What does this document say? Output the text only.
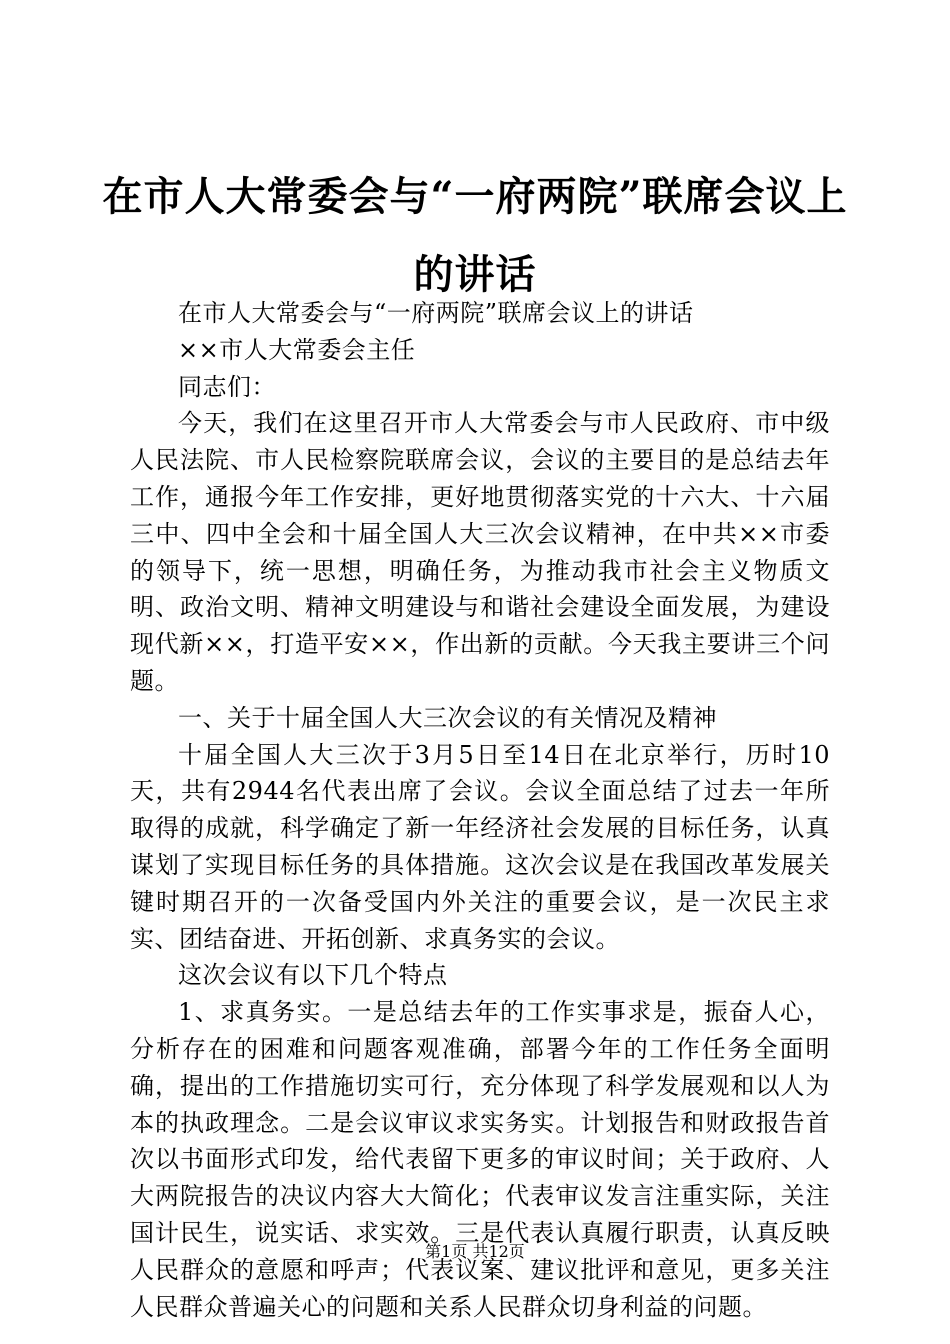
在市人大常委会与“一府两院”联席会议上的讲话

在市人大常委会与“一府两院”联席会议上的讲话

××市人大常委会主任

同志们：

今天，我们在这里召开市人大常委会与市人民政府、市中级人民法院、市人民检察院联席会议，会议的主要目的是总结去年工作，通报今年工作安排，更好地贯彻落实党的十六大、十六届三中、四中全会和十届全国人大三次会议精神，在中共××市委的领导下，统一思想，明确任务，为推动我市社会主义物质文明、政治文明、精神文明建设与和谐社会建设全面发展，为建设现代新××，打造平安××，作出新的贡献。今天我主要讲三个问题。

一、关于十届全国人大三次会议的有关情况及精神

十届全国人大三次于3月5日至14日在北京举行，历时10天，共有2944名代表出席了会议。会议全面总结了过去一年所取得的成就，科学确定了新一年经济社会发展的目标任务，认真谋划了实现目标任务的具体措施。这次会议是在我国改革发展关键时期召开的一次备受国内外关注的重要会议，是一次民主求实、团结奋进、开拓创新、求真务实的会议。

这次会议有以下几个特点

1、求真务实。一是总结去年的工作实事求是，振奋人心，分析存在的困难和问题客观准确，部署今年的工作任务全面明确，提出的工作措施切实可行，充分体现了科学发展观和以人为本的执政理念。二是会议审议求实务实。计划报告和财政报告首次以书面形式印发，给代表留下更多的审议时间；关于政府、人大两院报告的决议内容大大简化；代表审议发言注重实际，关注国计民生，说实话、求实效。三是代表认真履行职责，认真反映人民群众的意愿和呼声；代表议案、建议批评和意见，更多关注人民群众普遍关心的问题和关系人民群众切身利益的问题。

第1页 共12页
